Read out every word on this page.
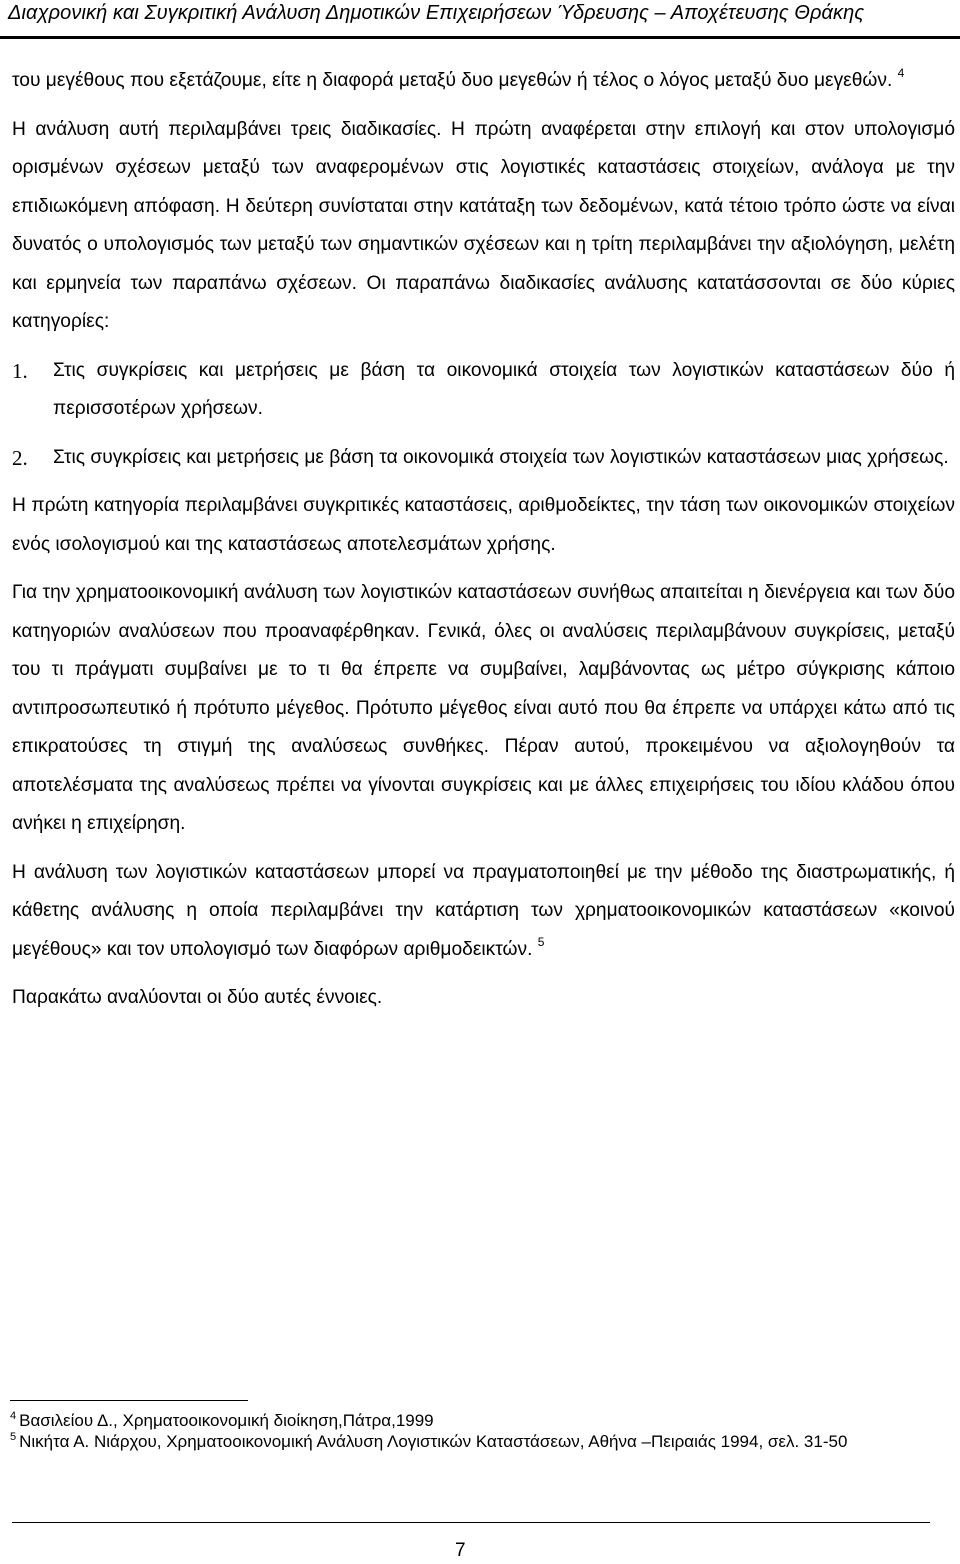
Διαχρονική και Συγκριτική Ανάλυση Δημοτικών Επιχειρήσεων Ύδρευσης – Αποχέτευσης Θράκης

του μεγέθους που εξετάζουμε, είτε η διαφορά μεταξύ δυο μεγεθών ή τέλος ο λόγος μεταξύ δυο μεγεθών. $^4$

Η ανάλυση αυτή περιλαμβάνει τρεις διαδικασίες. Η πρώτη αναφέρεται στην επιλογή και στον υπολογισμό ορισμένων σχέσεων μεταξύ των αναφερομένων στις λογιστικές καταστάσεις στοιχείων, ανάλογα με την επιδιωκόμενη απόφαση. Η δεύτερη συνίσταται στην κατάταξη των δεδομένων, κατά τέτοιο τρόπο ώστε να είναι δυνατός ο υπολογισμός των μεταξύ των σημαντικών σχέσεων και η τρίτη περιλαμβάνει την αξιολόγηση, μελέτη και ερμηνεία των παραπάνω σχέσεων. Οι παραπάνω διαδικασίες ανάλυσης κατατάσσονται σε δύο κύριες κατηγορίες:

1. Στις συγκρίσεις και μετρήσεις με βάση τα οικονομικά στοιχεία των λογιστικών καταστάσεων δύο ή περισσοτέρων χρήσεων.
2. Στις συγκρίσεις και μετρήσεις με βάση τα οικονομικά στοιχεία των λογιστικών καταστάσεων μιας χρήσεως.

Η πρώτη κατηγορία περιλαμβάνει συγκριτικές καταστάσεις, αριθμοδείκτες, την τάση των οικονομικών στοιχείων ενός ισολογισμού και της καταστάσεως αποτελεσμάτων χρήσης.

Για την χρηματοοικονομική ανάλυση των λογιστικών καταστάσεων συνήθως απαιτείται η διενέργεια και των δύο κατηγοριών αναλύσεων που προαναφέρθηκαν. Γενικά, όλες οι αναλύσεις περιλαμβάνουν συγκρίσεις, μεταξύ του τι πράγματι συμβαίνει με το τι θα έπρεπε να συμβαίνει, λαμβάνοντας ως μέτρο σύγκρισης κάποιο αντιπροσωπευτικό ή πρότυπο μέγεθος. Πρότυπο μέγεθος είναι αυτό που θα έπρεπε να υπάρχει κάτω από τις επικρατούσες τη στιγμή της αναλύσεως συνθήκες. Πέραν αυτού, προκειμένου να αξιολογηθούν τα αποτελέσματα της αναλύσεως πρέπει να γίνονται συγκρίσεις και με άλλες επιχειρήσεις του ιδίου κλάδου όπου ανήκει η επιχείρηση.

Η ανάλυση των λογιστικών καταστάσεων μπορεί να πραγματοποιηθεί με την μέθοδο της διαστρωματικής, ή κάθετης ανάλυσης η οποία περιλαμβάνει την κατάρτιση των χρηματοοικονομικών καταστάσεων «κοινού μεγέθους» και τον υπολογισμό των διαφόρων αριθμοδεικτών. $^5$

Παρακάτω αναλύονται οι δύο αυτές έννοιες.

$^4$ Βασιλείου Δ., Χρηματοοικονομική διοίκηση,Πάτρα,1999

$^5$ Νικήτα Α. Νιάρχου, Χρηματοοικονομική Ανάλυση Λογιστικών Καταστάσεων, Αθήνα –Πειραιάς 1994, σελ. 31-50

7
